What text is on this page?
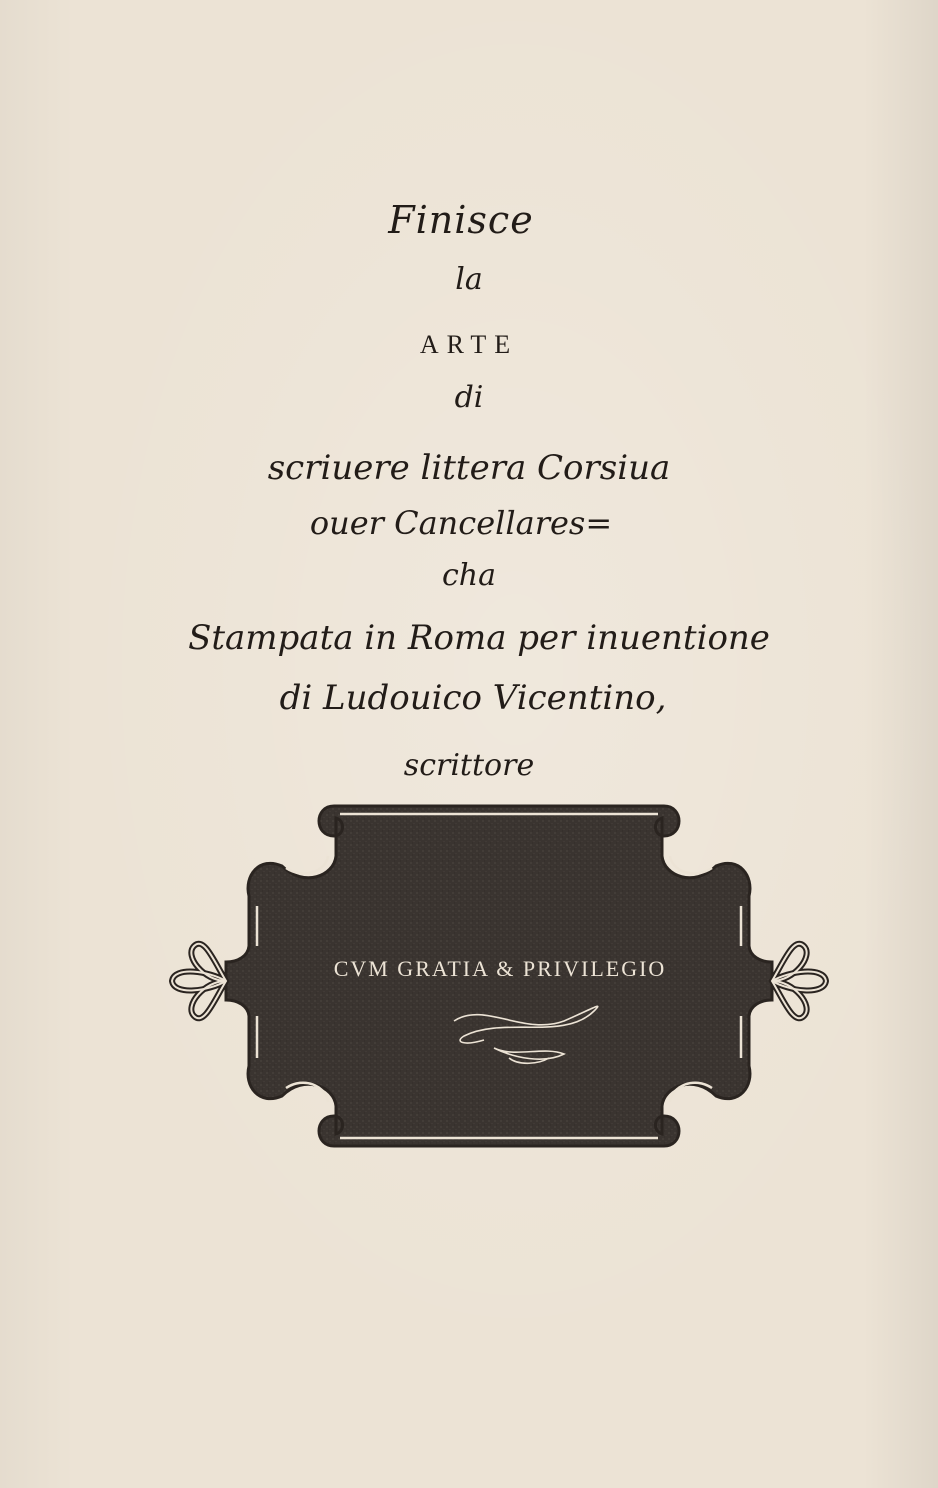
Finisce
la
ARTE
di
scriuere littera Corsiua
ouer Cancellares=
cha
Stampata in Roma per inuentione
di Ludouico Vicentino,
scrittore
CVM GRATIA & PRIVILEGIO
